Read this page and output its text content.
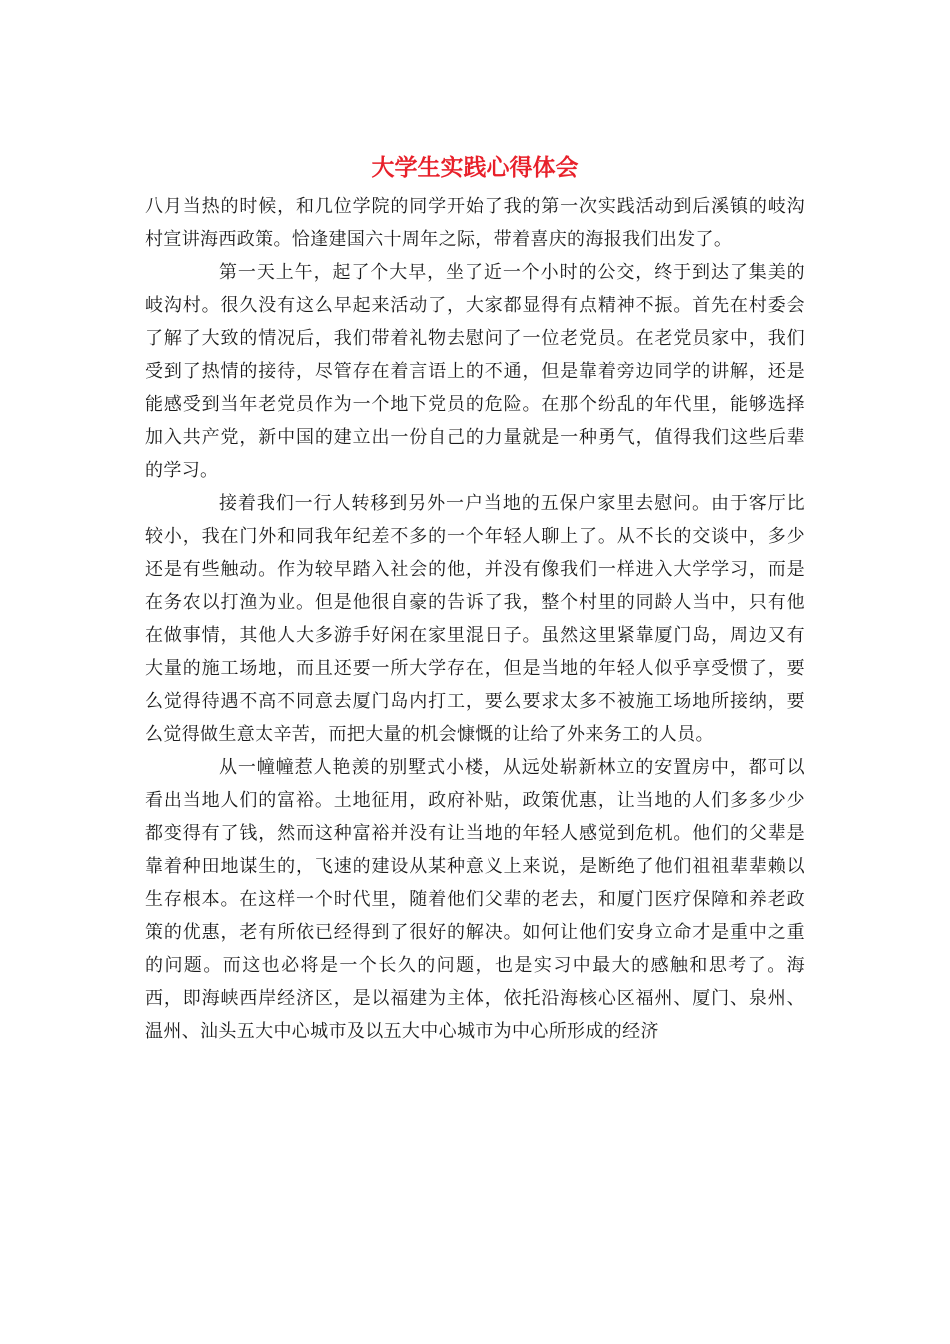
大学生实践心得体会

八月当热的时候，和几位学院的同学开始了我的第一次实践活动到后溪镇的岐沟村宣讲海西政策。恰逢建国六十周年之际，带着喜庆的海报我们出发了。

第一天上午，起了个大早，坐了近一个小时的公交，终于到达了集美的岐沟村。很久没有这么早起来活动了，大家都显得有点精神不振。首先在村委会了解了大致的情况后，我们带着礼物去慰问了一位老党员。在老党员家中，我们受到了热情的接待，尽管存在着言语上的不通，但是靠着旁边同学的讲解，还是能感受到当年老党员作为一个地下党员的危险。在那个纷乱的年代里，能够选择加入共产党，新中国的建立出一份自己的力量就是一种勇气，值得我们这些后辈的学习。

接着我们一行人转移到另外一户当地的五保户家里去慰问。由于客厅比较小，我在门外和同我年纪差不多的一个年轻人聊上了。从不长的交谈中，多少还是有些触动。作为较早踏入社会的他，并没有像我们一样进入大学学习，而是在务农以打渔为业。但是他很自豪的告诉了我，整个村里的同龄人当中，只有他在做事情，其他人大多游手好闲在家里混日子。虽然这里紧靠厦门岛，周边又有大量的施工场地，而且还要一所大学存在，但是当地的年轻人似乎享受惯了，要么觉得待遇不高不同意去厦门岛内打工，要么要求太多不被施工场地所接纳，要么觉得做生意太辛苦，而把大量的机会慷慨的让给了外来务工的人员。

从一幢幢惹人艳羡的别墅式小楼，从远处崭新林立的安置房中，都可以看出当地人们的富裕。土地征用，政府补贴，政策优惠，让当地的人们多多少少都变得有了钱，然而这种富裕并没有让当地的年轻人感觉到危机。他们的父辈是靠着种田地谋生的，飞速的建设从某种意义上来说，是断绝了他们祖祖辈辈赖以生存根本。在这样一个时代里，随着他们父辈的老去，和厦门医疗保障和养老政策的优惠，老有所依已经得到了很好的解决。如何让他们安身立命才是重中之重的问题。而这也必将是一个长久的问题，也是实习中最大的感触和思考了。海西，即海峡西岸经济区，是以福建为主体，依托沿海核心区福州、厦门、泉州、温州、汕头五大中心城市及以五大中心城市为中心所形成的经济
